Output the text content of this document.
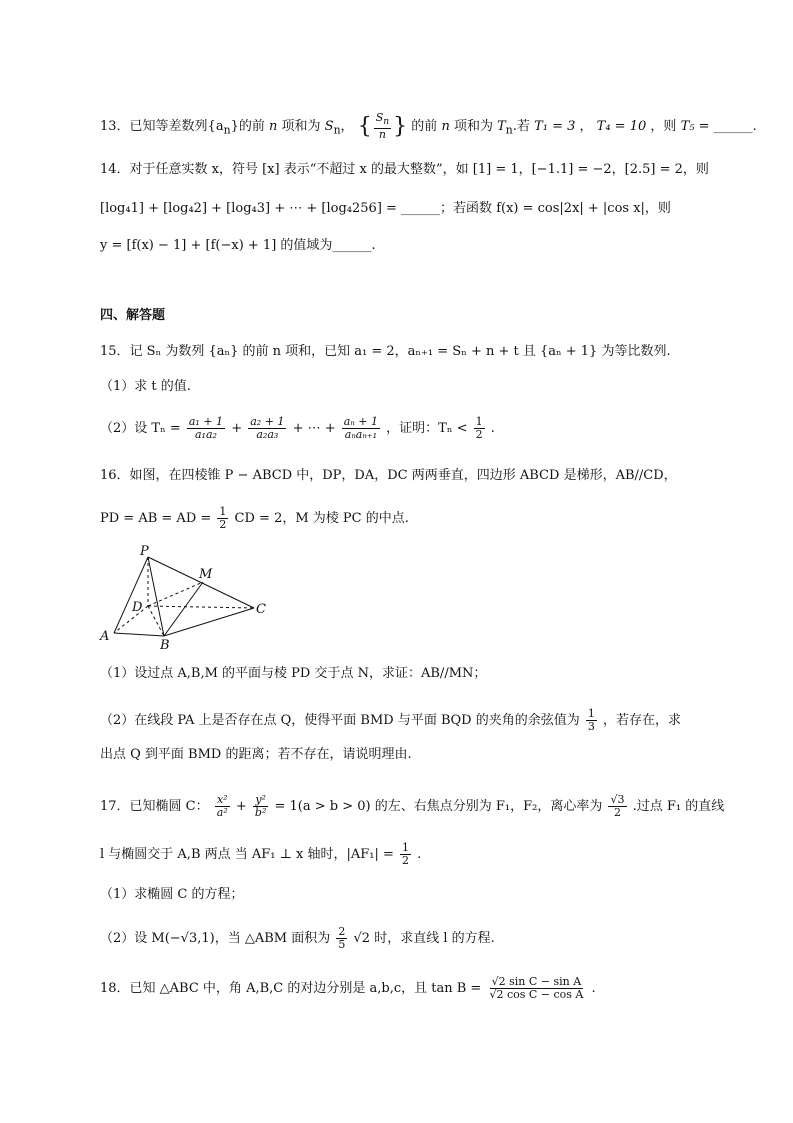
13．已知等差数列$\{a_n\}$的前 n 项和为 $S_n$， { $\frac{S_n}{n}$ } 的前 n 项和为 $T_n$.若 T₁ = 3 ， T₄ = 10 ，则 T₅ = ______.
14．对于任意实数 x，符号 [x] 表示“不超过 x 的最大整数”，如 [1] = 1，[−1.1] = −2，[2.5] = 2，则
[log₄1] + [log₄2] + [log₄3] + ⋯ + [log₄256] = ______；若函数 f(x) = cos|2x| + |cos x|，则
y = [f(x) − 1] + [f(−x) + 1] 的值域为______.
四、解答题
15．记 Sₙ 为数列 {aₙ} 的前 n 项和，已知 a₁ = 2，aₙ₊₁ = Sₙ + n + t 且 {aₙ + 1} 为等比数列.
（1）求 t 的值.
（2）设 $T_n = \frac{\text{a₁ + 1}}{\text{a₁a₂}} + \frac{\text{a₂ + 1}}{\text{a₂a₃}}$ + ⋯ + $\frac{\text{aₙ + 1}}{\text{aₙaₙ₊₁}}$ ，证明：$T_n < \frac{1}{2}$ .
16．如图，在四棱锥 P − ABCD 中，DP，DA，DC 两两垂直，四边形 ABCD 是梯形，AB//CD，
PD = AB = AD = $\frac{1}{2}$ CD = 2，M 为棱 PC 的中点.
P
M
D	C
A
B
（1）设过点 A,B,M 的平面与棱 PD 交于点 N，求证：AB//MN；
（2）在线段 PA 上是否存在点 Q，使得平面 BMD 与平面 BQD 的夹角的余弦值为 $\frac{1}{3}$ ，若存在，求
出点 Q 到平面 BMD 的距离；若不存在，请说明理由.
17．已知椭圆 C： $\frac{\text{x²}}{\text{a²}} + \frac{\text{y²}}{\text{b²}} = 1(a > b > 0)$ 的左、右焦点分别为 F₁，F₂，离心率为 $\frac{√3}{2}$ .过点 F₁ 的直线
l 与椭圆交于 A,B 两点 当 AF₁ ⊥ x 轴时，$|AF_1| = \frac{1}{2}$ .
（1）求椭圆 C 的方程；
（2）设 M(−√3,1)，当 △ABM 面积为 $\frac{2}{5} √2$ 时，求直线 l 的方程.
18．已知 △ABC 中，角 A,B,C 的对边分别是 a,b,c，且 $\tan B = \frac{\text{√2 sin C − sin A}}{\text{√2 cos C − cos A}}$ .
